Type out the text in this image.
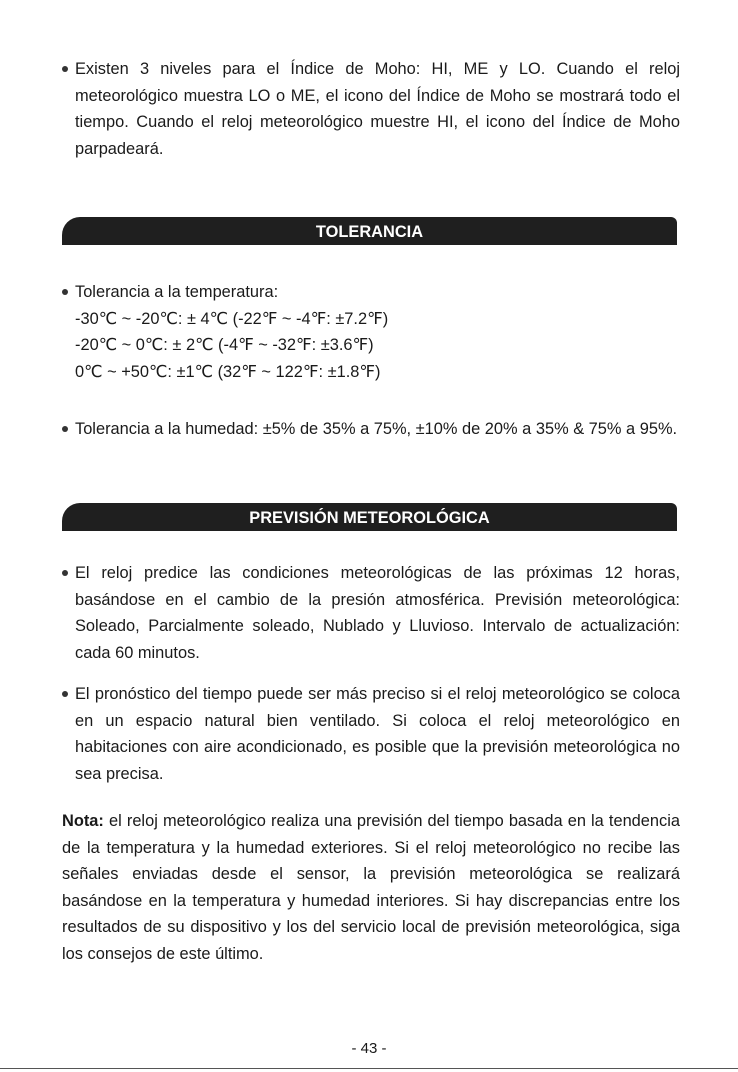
Existen 3 niveles para el Índice de Moho: HI, ME y LO. Cuando el reloj meteorológico muestra LO o ME, el icono del Índice de Moho se mostrará todo el tiempo. Cuando el reloj meteorológico muestre HI, el icono del Índice de Moho parpadeará.
TOLERANCIA

Tolerancia a la temperatura:

-30℃ ~ -20℃: ± 4℃ (-22℉ ~ -4℉: ±7.2℉)

-20℃ ~ 0℃: ± 2℃ (-4℉ ~ -32℉: ±3.6℉)

0℃ ~ +50℃: ±1℃ (32℉ ~ 122℉: ±1.8℉)

Tolerancia a la humedad: ±5% de 35% a 75%, ±10% de 20% a 35% & 75% a 95%.
PREVISIÓN METEOROLÓGICA
El reloj predice las condiciones meteorológicas de las próximas 12 horas, basándose en el cambio de la presión atmosférica. Previsión meteorológica: Soleado, Parcialmente soleado, Nublado y Lluvioso. Intervalo de actualización: cada 60 minutos.
El pronóstico del tiempo puede ser más preciso si el reloj meteorológico se coloca en un espacio natural bien ventilado. Si coloca el reloj meteorológico en habitaciones con aire acondicionado, es posible que la previsión meteorológica no sea precisa.
Nota: el reloj meteorológico realiza una previsión del tiempo basada en la tendencia de la temperatura y la humedad exteriores. Si el reloj meteorológico no recibe las señales enviadas desde el sensor, la previsión meteorológica se realizará basándose en la temperatura y humedad interiores. Si hay discrepancias entre los resultados de su dispositivo y los del servicio local de previsión meteorológica, siga los consejos de este último.
- 43 -
